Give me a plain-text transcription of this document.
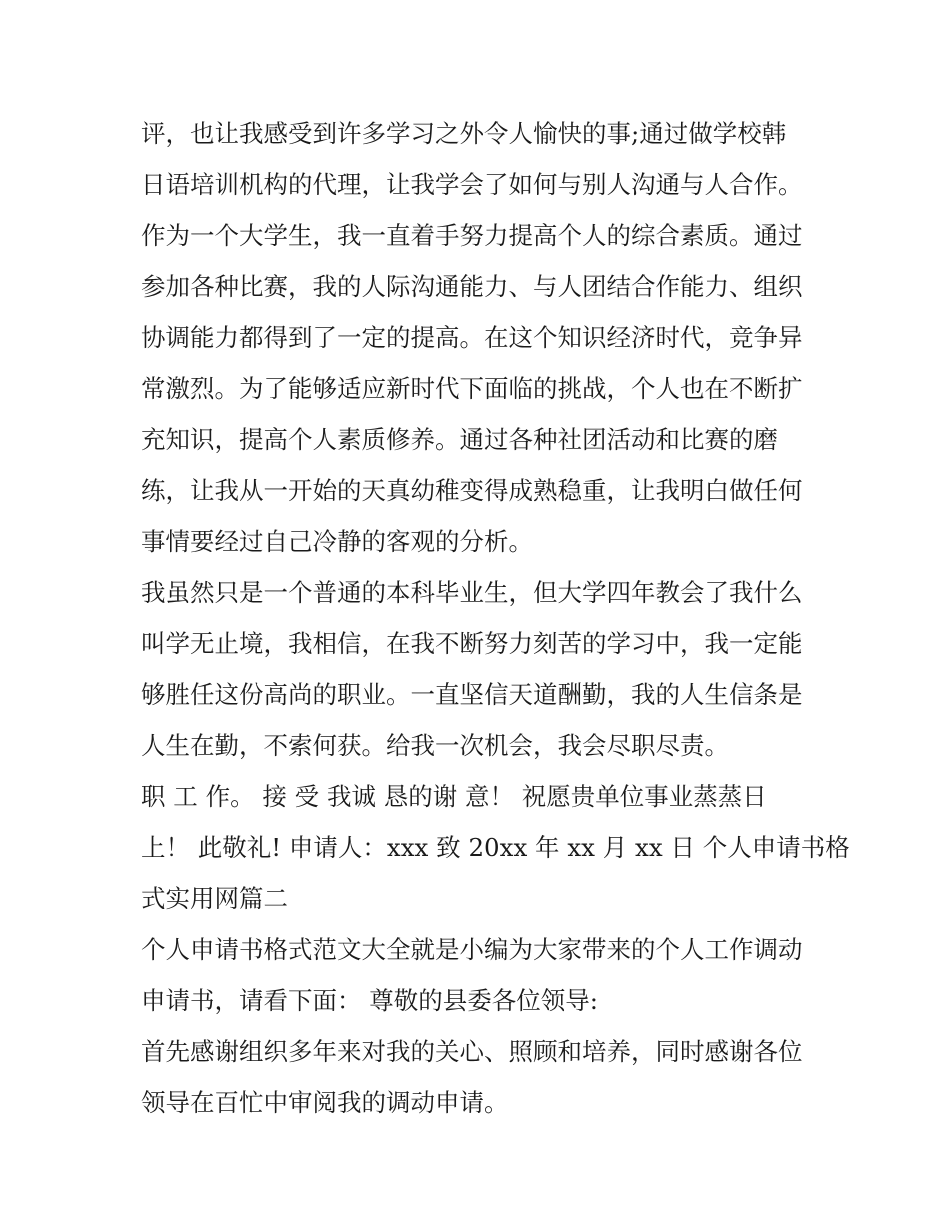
评，也让我感受到许多学习之外令人愉快的事;通过做学校韩
日语培训机构的代理，让我学会了如何与别人沟通与人合作。
作为一个大学生，我一直着手努力提高个人的综合素质。通过
参加各种比赛，我的人际沟通能力、与人团结合作能力、组织
协调能力都得到了一定的提高。在这个知识经济时代，竞争异
常激烈。为了能够适应新时代下面临的挑战，个人也在不断扩
充知识，提高个人素质修养。通过各种社团活动和比赛的磨
练，让我从一开始的天真幼稚变得成熟稳重，让我明白做任何
事情要经过自己冷静的客观的分析。
我虽然只是一个普通的本科毕业生，但大学四年教会了我什么
叫学无止境，我相信，在我不断努力刻苦的学习中，我一定能
够胜任这份高尚的职业。一直坚信天道酬勤，我的人生信条是
人生在勤，不索何获。给我一次机会，我会尽职尽责。
职 工 作。 接 受 我诚 恳的谢 意！ 祝愿贵单位事业蒸蒸日
上！ 此敬礼! 申请人：xxx 致 20xx 年 xx 月 xx 日 个人申请书格
式实用网篇二
个人申请书格式范文大全就是小编为大家带来的个人工作调动
申请书，请看下面： 尊敬的县委各位领导:
首先感谢组织多年来对我的关心、照顾和培养，同时感谢各位
领导在百忙中审阅我的调动申请。
